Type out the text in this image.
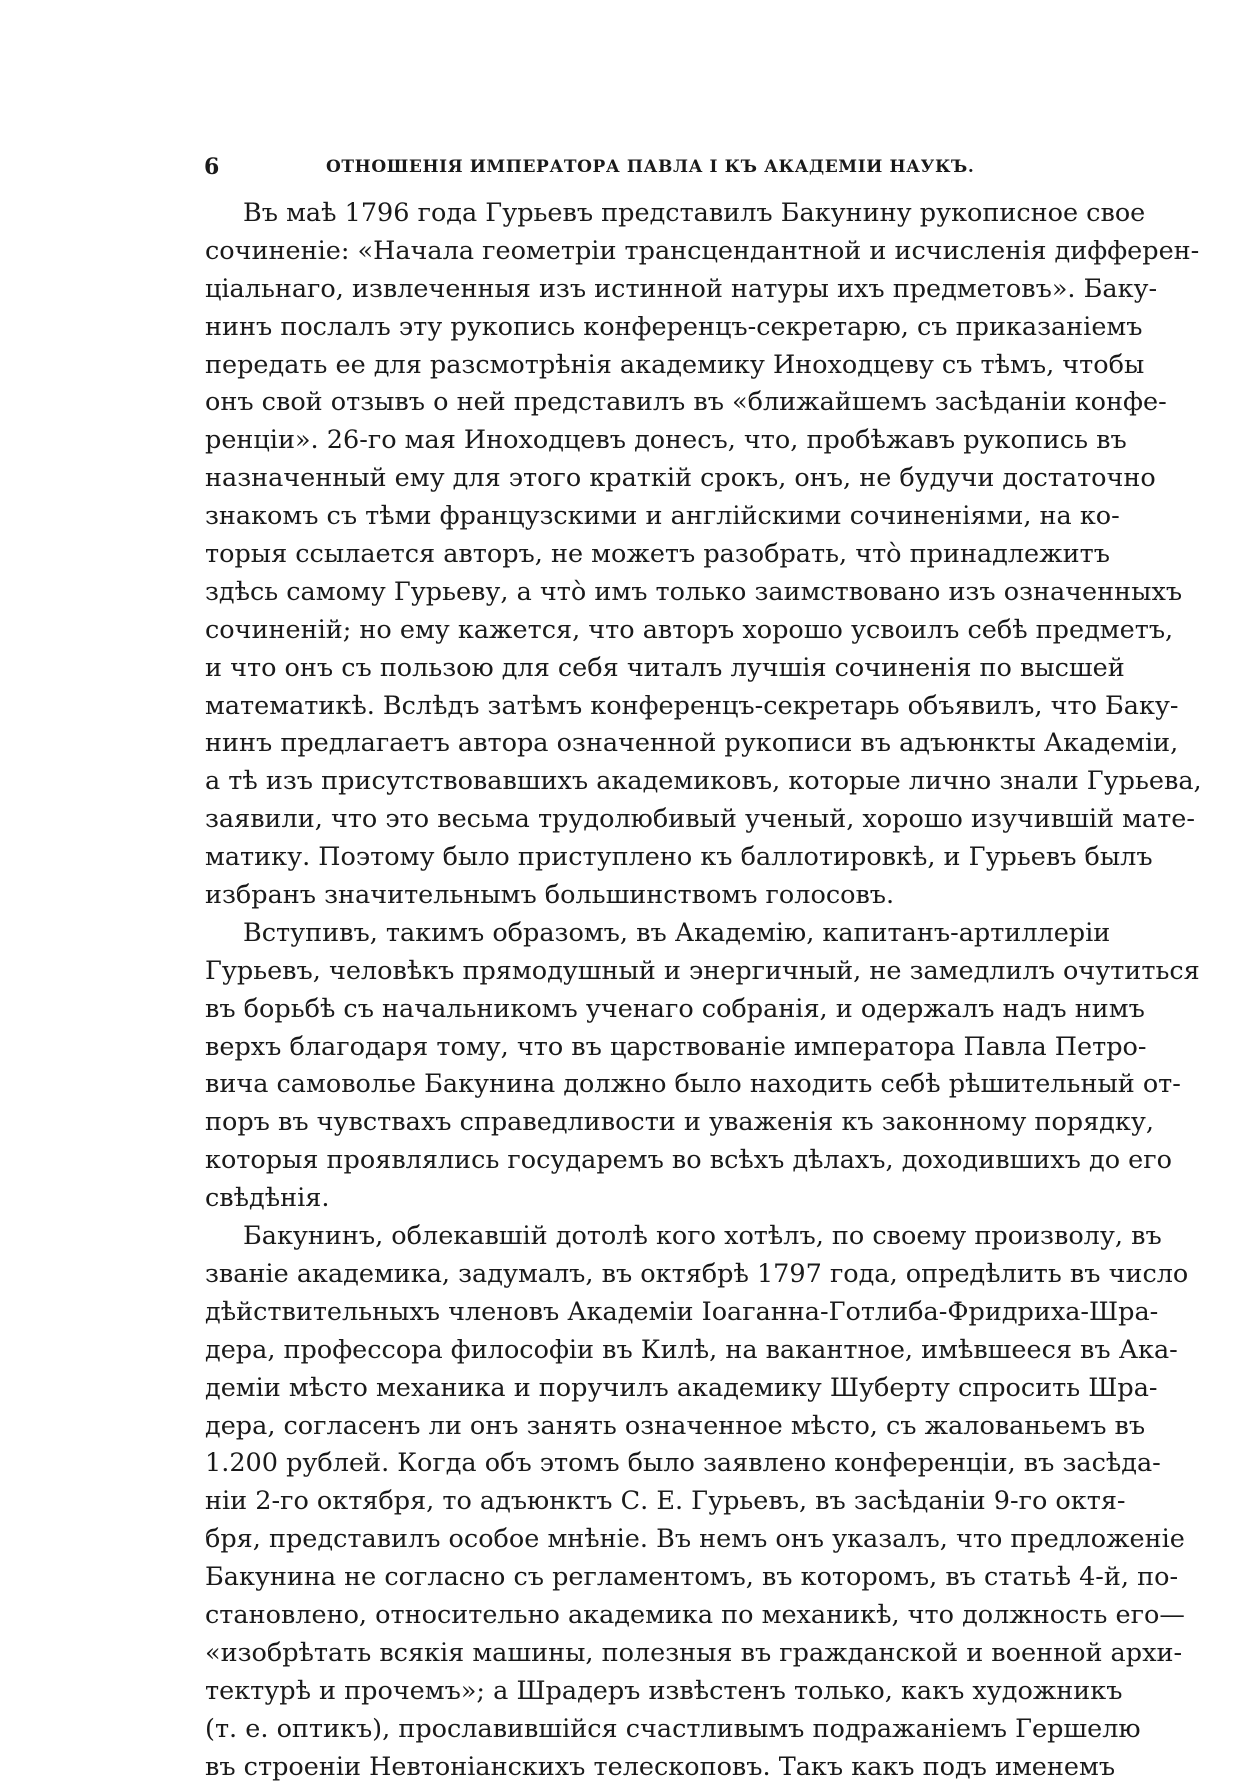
6	ОТНОШЕНІЯ ИМПЕРАТОРА ПАВЛА І КЪ АКАДЕМІИ НАУКЪ.

Въ маѣ 1796 года Гурьевъ представилъ Бакунину рукописное свое
сочиненіе: «Начала геометріи трансцендантной и исчисленія дифферен-
ціальнаго, извлеченныя изъ истинной натуры ихъ предметовъ». Баку-
нинъ послалъ эту рукопись конференцъ-секретарю, съ приказаніемъ
передать ее для разсмотрѣнія академику Иноходцеву съ тѣмъ, чтобы
онъ свой отзывъ о ней представилъ въ «ближайшемъ засѣданіи конфе-
ренціи». 26-го мая Иноходцевъ донесъ, что, пробѣжавъ рукопись въ
назначенный ему для этого краткій срокъ, онъ, не будучи достаточно
знакомъ съ тѣми французскими и англійскими сочиненіями, на ко-
торыя ссылается авторъ, не можетъ разобрать, что̀ принадлежитъ
здѣсь самому Гурьеву, а что̀ имъ только заимствовано изъ означенныхъ
сочиненій; но ему кажется, что авторъ хорошо усвоилъ себѣ предметъ,
и что онъ съ пользою для себя читалъ лучшія сочиненія по высшей
математикѣ. Вслѣдъ затѣмъ конференцъ-секретарь объявилъ, что Баку-
нинъ предлагаетъ автора означенной рукописи въ адъюнкты Академіи,
а тѣ изъ присутствовавшихъ академиковъ, которые лично знали Гурьева,
заявили, что это весьма трудолюбивый ученый, хорошо изучившій мате-
матику. Поэтому было приступлено къ баллотировкѣ, и Гурьевъ былъ
избранъ значительнымъ большинствомъ голосовъ.

Вступивъ, такимъ образомъ, въ Академію, капитанъ-артиллеріи
Гурьевъ, человѣкъ прямодушный и энергичный, не замедлилъ очутиться
въ борьбѣ съ начальникомъ ученаго собранія, и одержалъ надъ нимъ
верхъ благодаря тому, что въ царствованіе императора Павла Петро-
вича самоволье Бакунина должно было находить себѣ рѣшительный от-
поръ въ чувствахъ справедливости и уваженія къ законному порядку,
которыя проявлялись государемъ во всѣхъ дѣлахъ, доходившихъ до его
свѣдѣнія.

Бакунинъ, облекавшій дотолѣ кого хотѣлъ, по своему произволу, въ
званіе академика, задумалъ, въ октябрѣ 1797 года, опредѣлить въ число
дѣйствительныхъ членовъ Академіи Іоаганна-Готлиба-Фридриха-Шра-
дера, профессора философіи въ Килѣ, на вакантное, имѣвшееся въ Ака-
деміи мѣсто механика и поручилъ академику Шуберту спросить Шра-
дера, согласенъ ли онъ занять означенное мѣсто, съ жалованьемъ въ
1.200 рублей. Когда объ этомъ было заявлено конференціи, въ засѣда-
ніи 2-го октября, то адъюнктъ С. Е. Гурьевъ, въ засѣданіи 9-го октя-
бря, представилъ особое мнѣніе. Въ немъ онъ указалъ, что предложеніе
Бакунина не согласно съ регламентомъ, въ которомъ, въ статьѣ 4-й, по-
становлено, относительно академика по механикѣ, что должность его—
«изобрѣтать всякія машины, полезныя въ гражданской и военной архи-
тектурѣ и прочемъ»; а Шрадеръ извѣстенъ только, какъ художникъ
(т. е. оптикъ), прославившійся счастливымъ подражаніемъ Гершелю
въ строеніи Невтоніанскихъ телескоповъ. Такъ какъ подъ именемъ
